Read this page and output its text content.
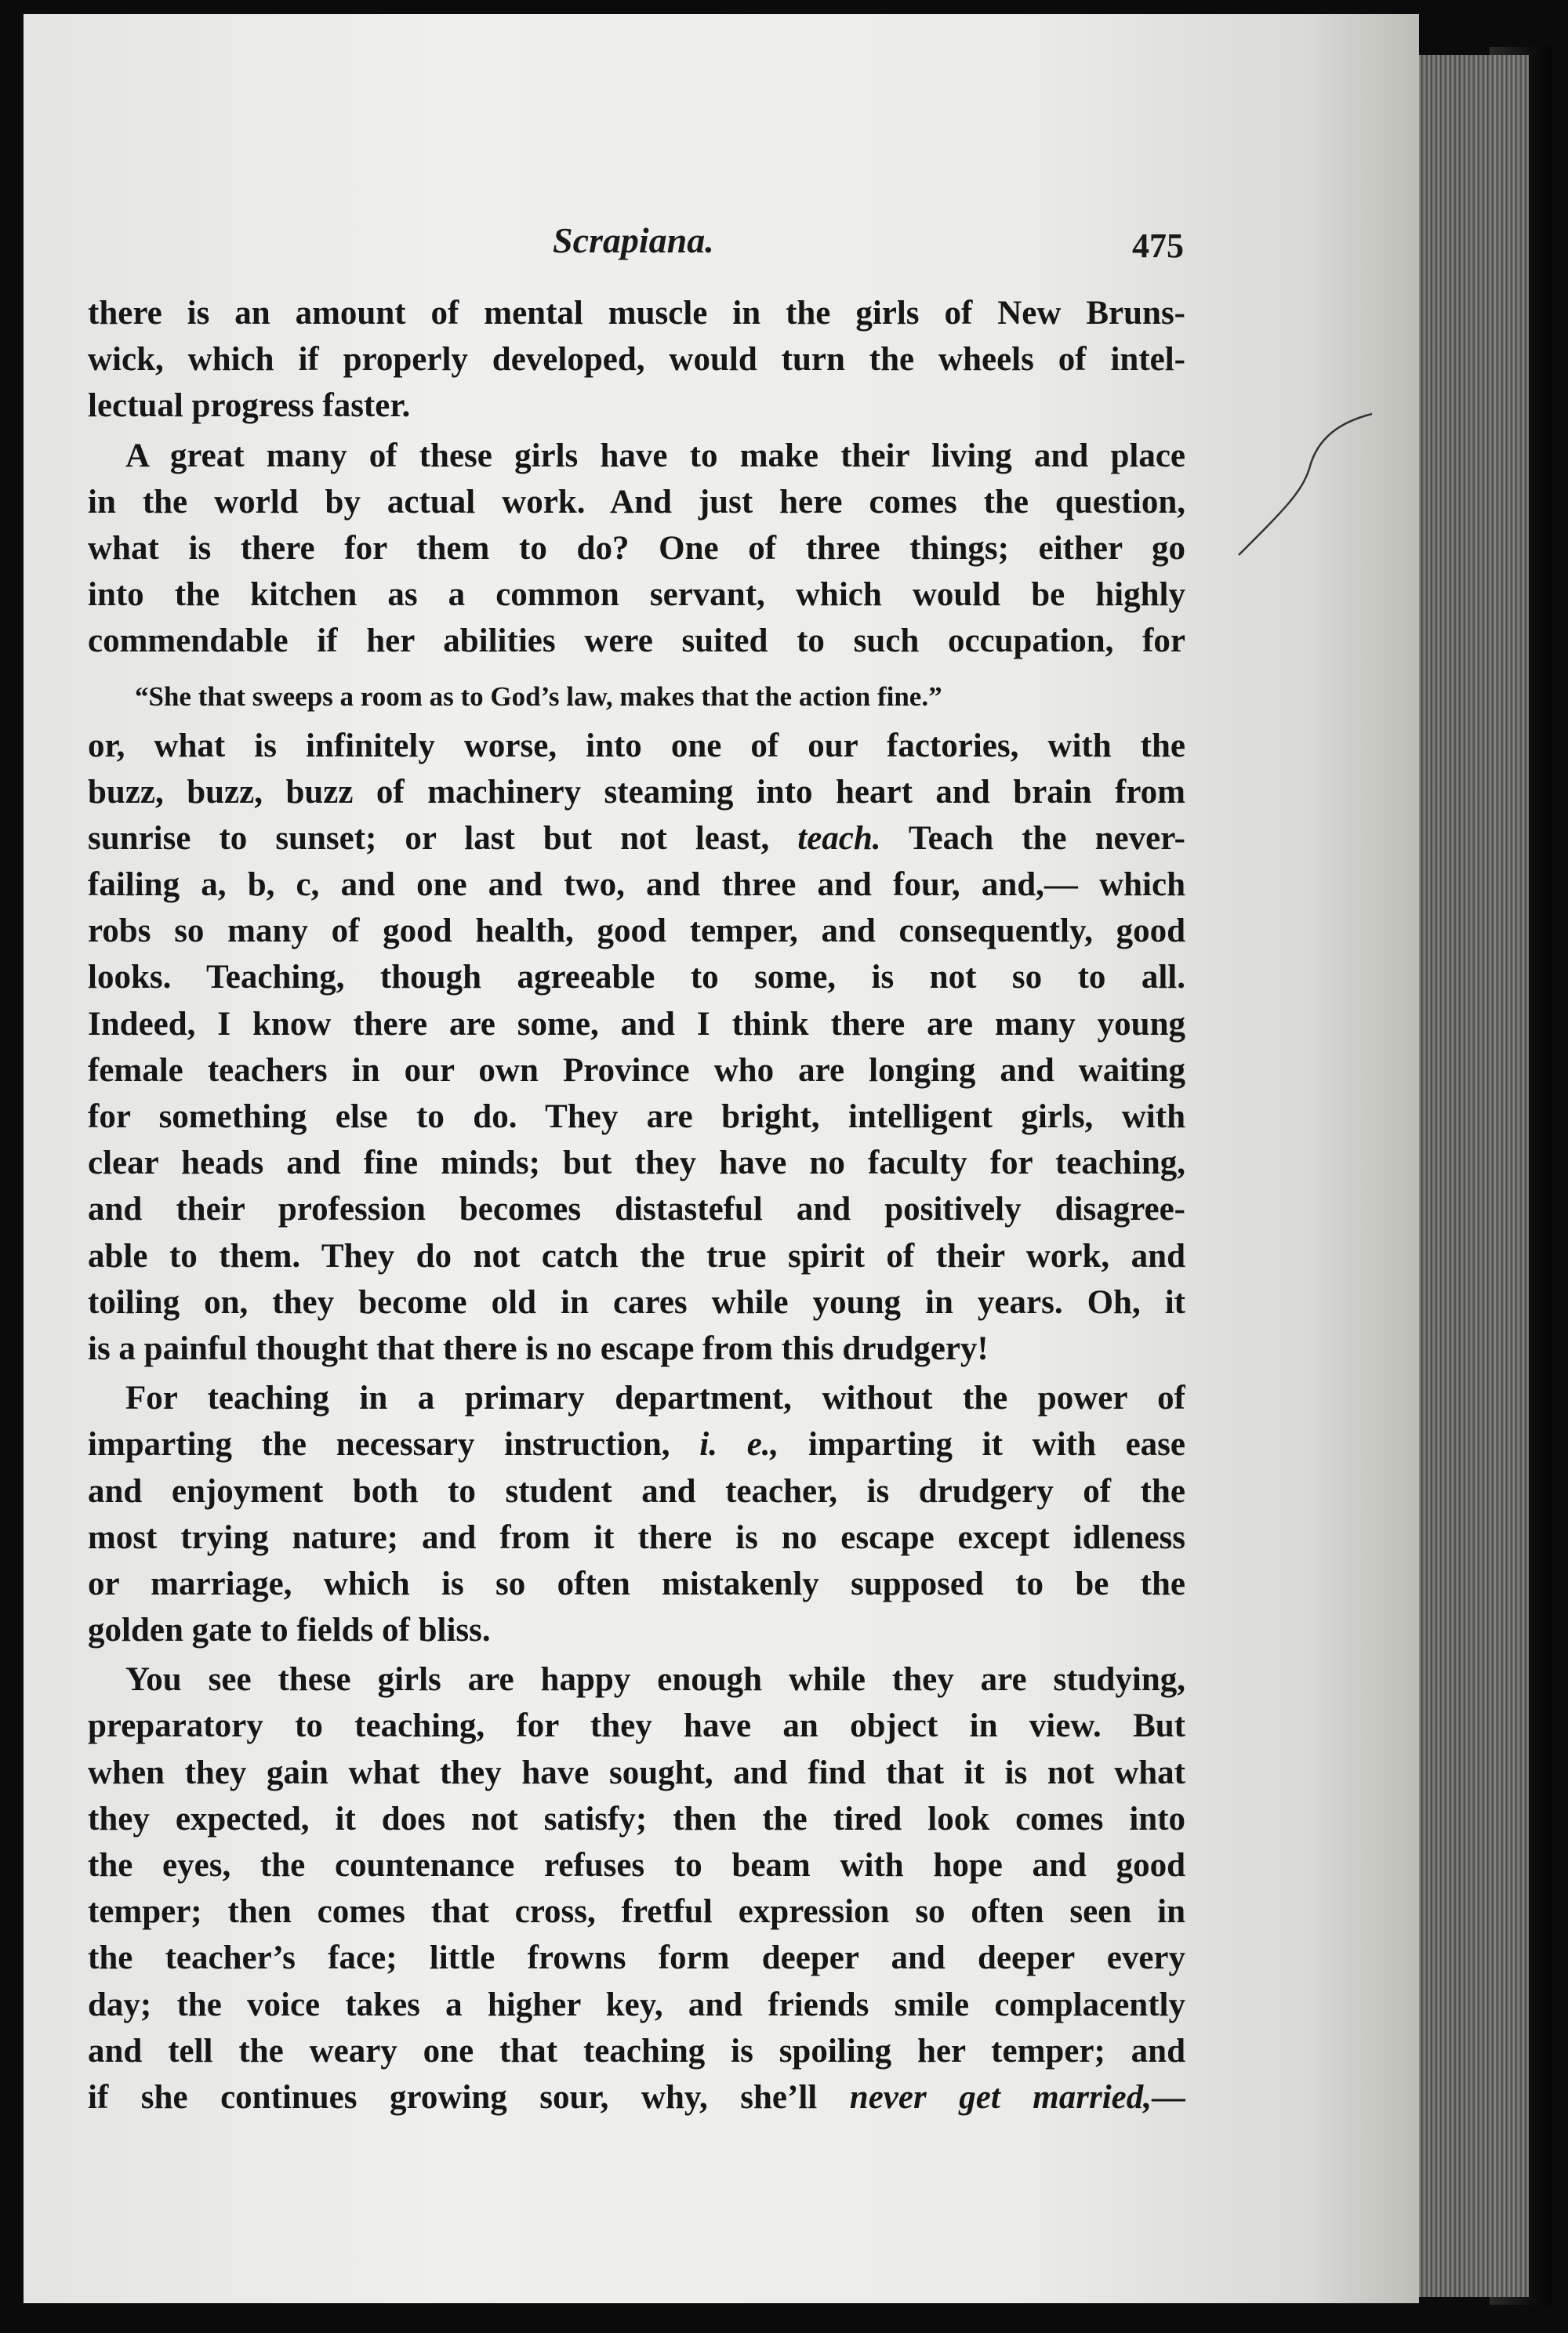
Scrapiana.	475
there is an amount of mental muscle in the girls of New Bruns-
wick, which if properly developed, would turn the wheels of intel-
lectual progress faster.
A great many of these girls have to make their living and place
in the world by actual work. And just here comes the question,
what is there for them to do? One of three things; either go
into the kitchen as a common servant, which would be highly
commendable if her abilities were suited to such occupation, for
“She that sweeps a room as to God’s law, makes that the action fine.”
or, what is infinitely worse, into one of our factories, with the
buzz, buzz, buzz of machinery steaming into heart and brain from
sunrise to sunset; or last but not least, teach. Teach the never-
failing a, b, c, and one and two, and three and four, and,— which
robs so many of good health, good temper, and consequently, good
looks. Teaching, though agreeable to some, is not so to all.
Indeed, I know there are some, and I think there are many young
female teachers in our own Province who are longing and waiting
for something else to do. They are bright, intelligent girls, with
clear heads and fine minds; but they have no faculty for teaching,
and their profession becomes distasteful and positively disagree-
able to them. They do not catch the true spirit of their work, and
toiling on, they become old in cares while young in years. Oh, it
is a painful thought that there is no escape from this drudgery!
For teaching in a primary department, without the power of
imparting the necessary instruction, i. e., imparting it with ease
and enjoyment both to student and teacher, is drudgery of the
most trying nature; and from it there is no escape except idleness
or marriage, which is so often mistakenly supposed to be the
golden gate to fields of bliss.
You see these girls are happy enough while they are studying,
preparatory to teaching, for they have an object in view. But
when they gain what they have sought, and find that it is not what
they expected, it does not satisfy; then the tired look comes into
the eyes, the countenance refuses to beam with hope and good
temper; then comes that cross, fretful expression so often seen in
the teacher’s face; little frowns form deeper and deeper every
day; the voice takes a higher key, and friends smile complacently
and tell the weary one that teaching is spoiling her temper; and
if she continues growing sour, why, she’ll never get married,—
